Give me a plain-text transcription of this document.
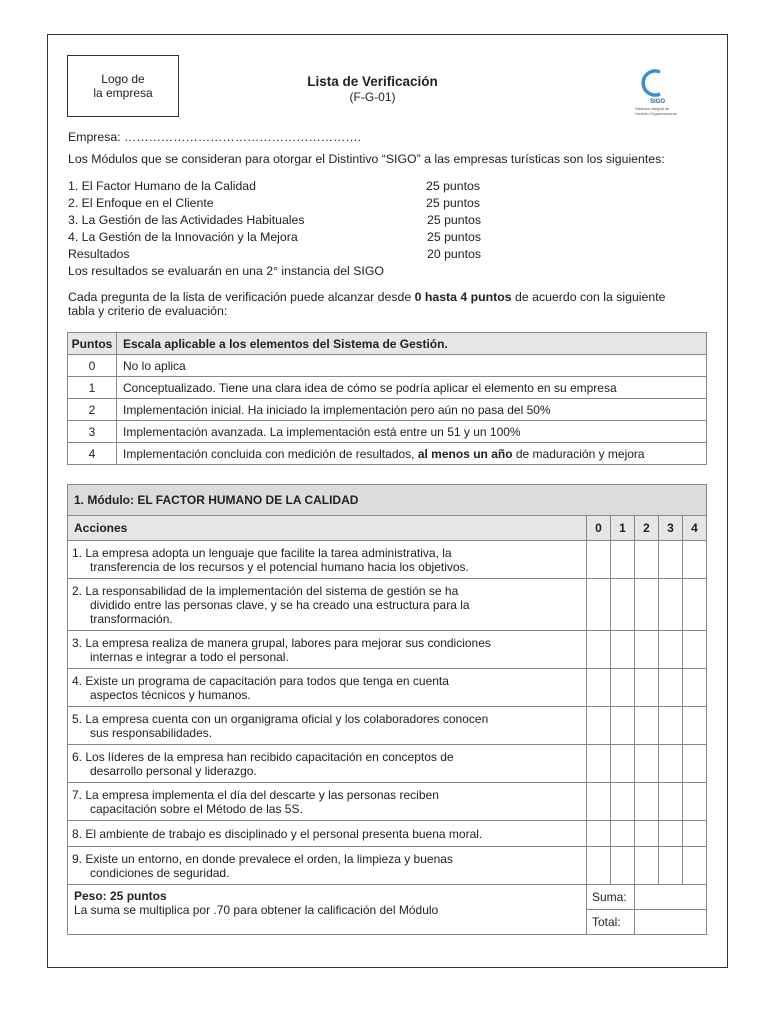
Logo de
la empresa
Lista de Verificación
(F-G-01)	SIGO
Sistema Integral de
Gestión Organizacional
Empresa: ………………………………………………….
Los Módulos que se consideran para otorgar el Distintivo “SIGO” a las empresas turísticas son los siguientes:
1. El Factor Humano de la Calidad	25 puntos
2. El Enfoque en el Cliente	25 puntos
3. La Gestión de las Actividades Habituales	25 puntos
4. La Gestión de la Innovación y la Mejora	25 puntos
Resultados	20 puntos
Los resultados se evaluarán en una 2° instancia del SIGO
Cada pregunta de la lista de verificación puede alcanzar desde 0 hasta 4 puntos de acuerdo con la siguiente
tabla y criterio de evaluación:
Puntos	Escala aplicable a los elementos del Sistema de Gestión.
0	No lo aplica
1	Conceptualizado. Tiene una clara idea de cómo se podría aplicar el elemento en su empresa
2	Implementación inicial. Ha iniciado la implementación pero aún no pasa del 50%
3	Implementación avanzada. La implementación está entre un 51 y un 100%
4	Implementación concluida con medición de resultados, al menos un año de maduración y mejora
1. Módulo: EL FACTOR HUMANO DE LA CALIDAD					
Acciones	0	1	2	3	4
1. La empresa adopta un lenguaje que facilite la tarea administrativa, la
transferencia de los recursos y el potencial humano hacia los objetivos.					

2. La responsabilidad de la implementación del sistema de gestión se ha
dividido entre las personas clave, y se ha creado una estructura para la
transformación.					

3. La empresa realiza de manera grupal, labores para mejorar sus condiciones
internas e integrar a todo el personal.					

4. Existe un programa de capacitación para todos que tenga en cuenta
aspectos técnicos y humanos.					

5. La empresa cuenta con un organigrama oficial y los colaboradores conocen
sus responsabilidades.					

6. Los líderes de la empresa han recibido capacitación en conceptos de
desarrollo personal y liderazgo.					

7. La empresa implementa el día del descarte y las personas reciben
capacitación sobre el Método de las 5S.					

8. El ambiente de trabajo es disciplinado y el personal presenta buena moral.					
9. Existe un entorno, en donde prevalece el orden, la limpieza y buenas
condiciones de seguridad.					

Peso: 25 puntos
La suma se multiplica por .70 para obtener la calificación del Módulo	Suma:				
	Total:				
